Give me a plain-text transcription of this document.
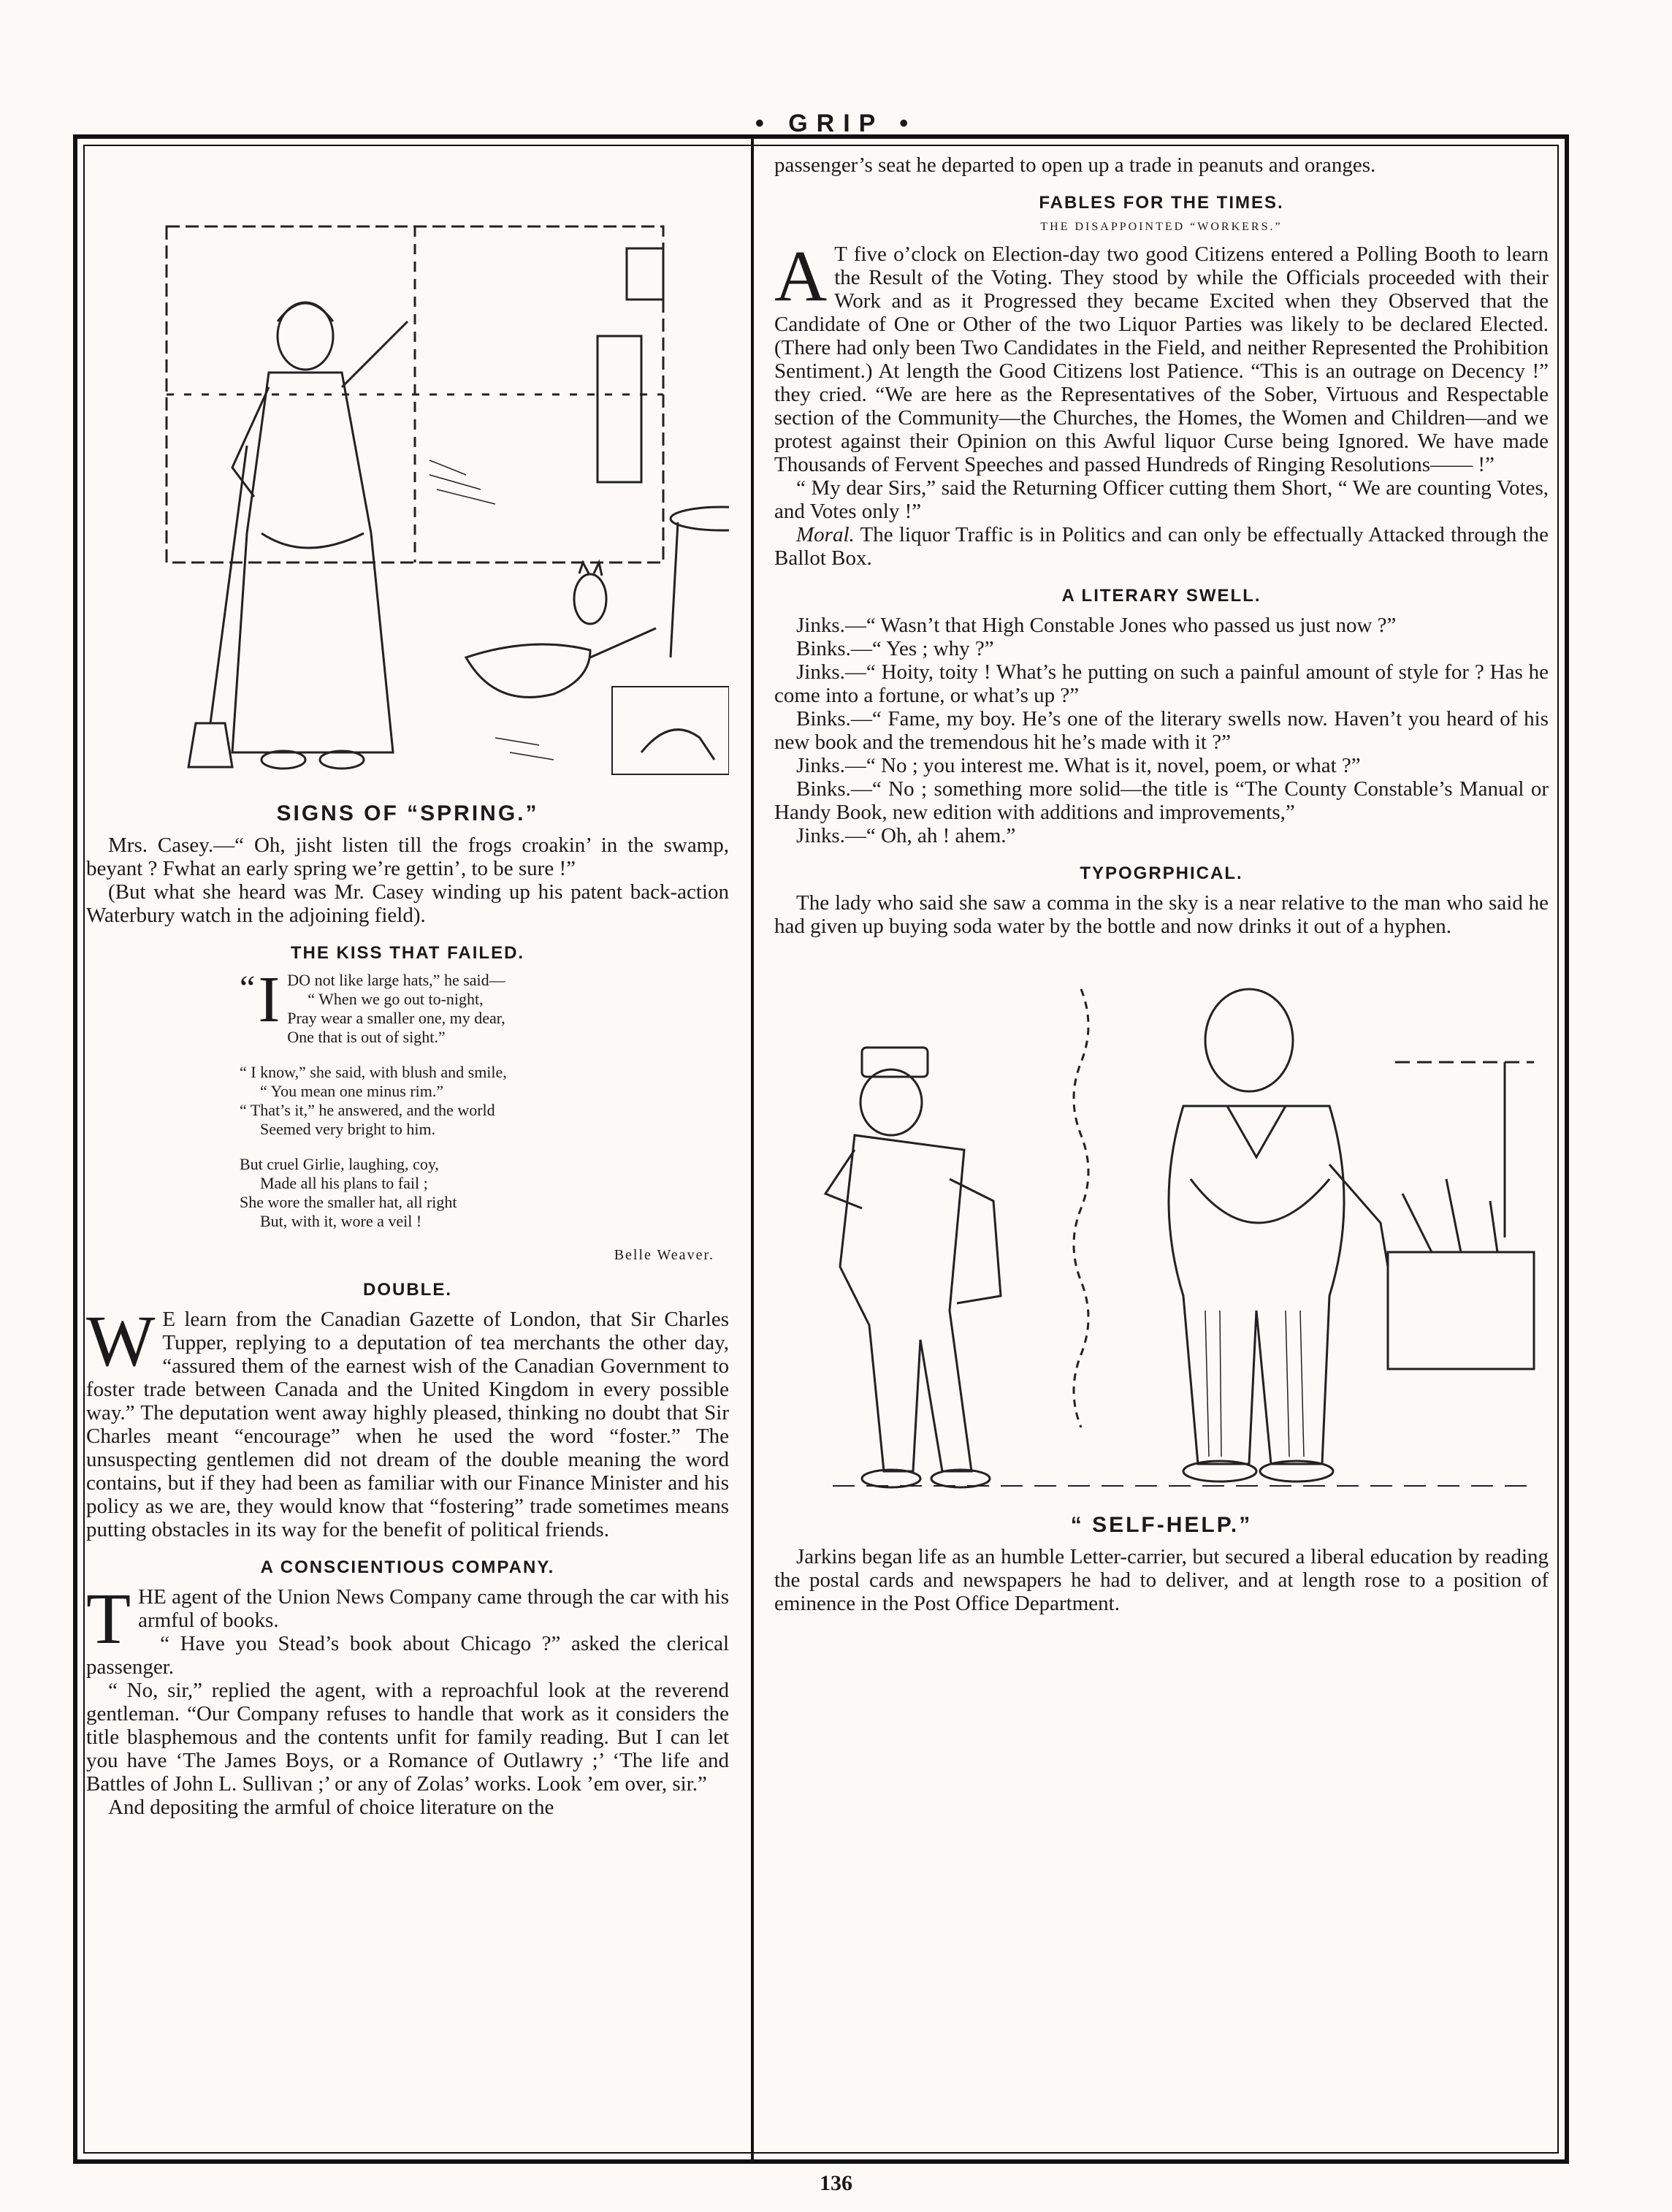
• GRIP •
SIGNS OF “SPRING.”

Mrs. Casey.—“ Oh, jisht listen till the frogs croakin’ in the swamp, beyant ? Fwhat an early spring we’re gettin’, to be sure !”

(But what she heard was Mr. Casey winding up his patent back-action Waterbury watch in the adjoining field).

THE KISS THAT FAILED.
“ I DO not like large hats,” he said—
“ When we go out to-night,
Pray wear a smaller one, my dear,
One that is out of sight.”
“ I know,” she said, with blush and smile,
“ You mean one minus rim.”
“ That’s it,” he answered, and the world
Seemed very bright to him.
But cruel Girlie, laughing, coy,
Made all his plans to fail ;
She wore the smaller hat, all right
But, with it, wore a veil !
Belle Weaver.
DOUBLE.

W E learn from the Canadian Gazette of London, that Sir Charles Tupper, replying to a deputation of tea merchants the other day, “assured them of the earnest wish of the Canadian Government to foster trade between Canada and the United Kingdom in every possible way.” The deputation went away highly pleased, thinking no doubt that Sir Charles meant “encourage” when he used the word “foster.” The unsuspecting gentlemen did not dream of the double meaning the word contains, but if they had been as familiar with our Finance Minister and his policy as we are, they would know that “fostering” trade sometimes means putting obstacles in its way for the benefit of political friends.

A CONSCIENTIOUS COMPANY.

THE agent of the Union News Company came through the car with his armful of books.

“ Have you Stead’s book about Chicago ?” asked the clerical passenger.

“ No, sir,” replied the agent, with a reproachful look at the reverend gentleman. “Our Company refuses to handle that work as it considers the title blasphemous and the contents unfit for family reading. But I can let you have ‘The James Boys, or a Romance of Outlawry ;’ ‘The life and Battles of John L. Sullivan ;’ or any of Zolas’ works. Look ’em over, sir.”

And depositing the armful of choice literature on the

passenger’s seat he departed to open up a trade in peanuts and oranges.

FABLES FOR THE TIMES.
THE DISAPPOINTED “WORKERS.”

A T five o’clock on Election-day two good Citizens entered a Polling Booth to learn the Result of the Voting. They stood by while the Officials proceeded with their Work and as it Progressed they became Excited when they Observed that the Candidate of One or Other of the two Liquor Parties was likely to be declared Elected. (There had only been Two Candidates in the Field, and neither Represented the Prohibition Sentiment.) At length the Good Citizens lost Patience. “This is an outrage on Decency !” they cried. “We are here as the Representatives of the Sober, Virtuous and Respectable section of the Community—the Churches, the Homes, the Women and Children—and we protest against their Opinion on this Awful liquor Curse being Ignored. We have made Thousands of Fervent Speeches and passed Hundreds of Ringing Resolutions—— !”

“ My dear Sirs,” said the Returning Officer cutting them Short, “ We are counting Votes, and Votes only !”

Moral. The liquor Traffic is in Politics and can only be effectually Attacked through the Ballot Box.

A LITERARY SWELL.

Jinks.—“ Wasn’t that High Constable Jones who passed us just now ?”

Binks.—“ Yes ; why ?”

Jinks.—“ Hoity, toity ! What’s he putting on such a painful amount of style for ? Has he come into a fortune, or what’s up ?”

Binks.—“ Fame, my boy. He’s one of the literary swells now. Haven’t you heard of his new book and the tremendous hit he’s made with it ?”

Jinks.—“ No ; you interest me. What is it, novel, poem, or what ?”

Binks.—“ No ; something more solid—the title is “The County Constable’s Manual or Handy Book, new edition with additions and improvements,”

Jinks.—“ Oh, ah ! ahem.”

TYPOGRPHICAL.

The lady who said she saw a comma in the sky is a near relative to the man who said he had given up buying soda water by the bottle and now drinks it out of a hyphen.

“ SELF-HELP.”

Jarkins began life as an humble Letter-carrier, but secured a liberal education by reading the postal cards and newspapers he had to deliver, and at length rose to a position of eminence in the Post Office Department.

136
